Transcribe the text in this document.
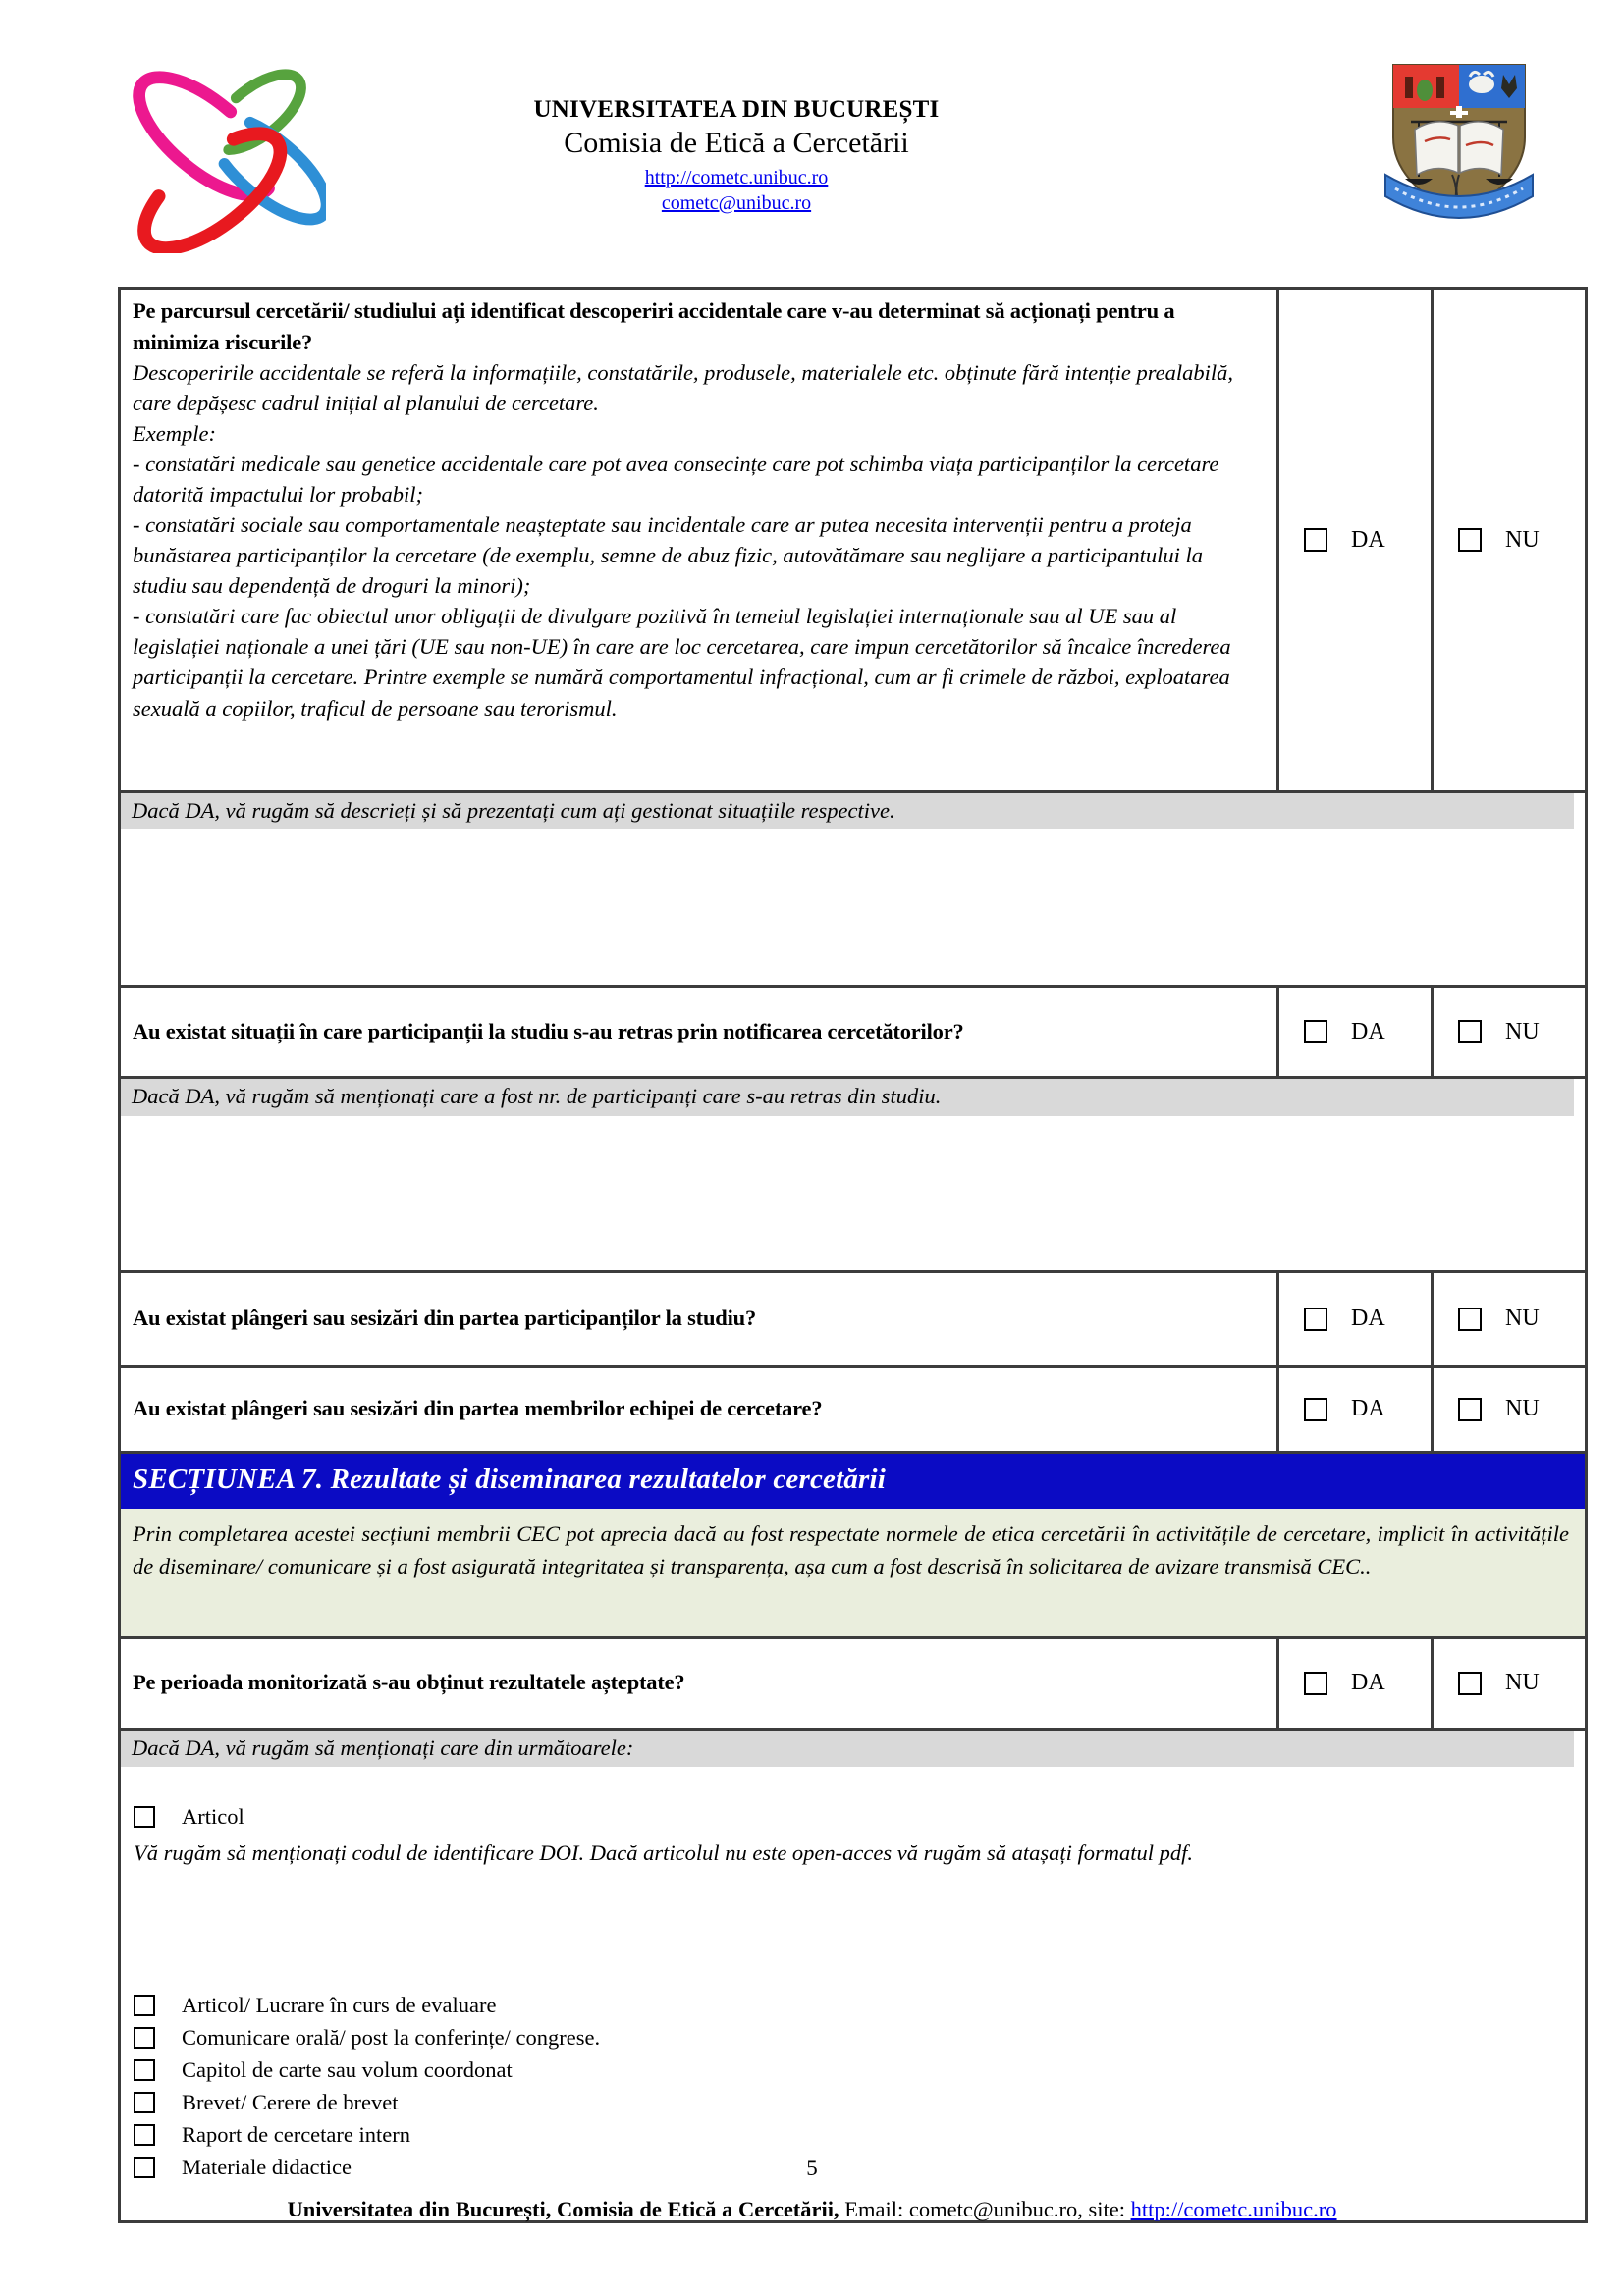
UNIVERSITATEA DIN BUCUREȘTI
Comisia de Etică a Cercetării
http://cometc.unibuc.ro
cometc@unibuc.ro
Pe parcursul cercetării/ studiului ați identificat descoperiri accidentale care v-au determinat să acționați pentru a minimiza riscurile?
Descoperirile accidentale se referă la informațiile, constatările, produsele, materialele etc. obținute fără intenție prealabilă, care depășesc cadrul inițial al planului de cercetare.
Exemple:
- constatări medicale sau genetice accidentale care pot avea consecințe care pot schimba viața participanților la cercetare datorită impactului lor probabil;
- constatări sociale sau comportamentale neașteptate sau incidentale care ar putea necesita intervenții pentru a proteja bunăstarea participanților la cercetare (de exemplu, semne de abuz fizic, autovătămare sau neglijare a participantului la studiu sau dependență de droguri la minori);
- constatări care fac obiectul unor obligații de divulgare pozitivă în temeiul legislației internaționale sau al UE sau al legislației naționale a unei țări (UE sau non-UE) în care are loc cercetarea, care impun cercetătorilor să încalce încrederea
participanții la cercetare. Printre exemple se numără comportamentul infracțional, cum ar fi crimele de război, exploatarea sexuală a copiilor, traficul de persoane sau terorismul.

DA	NU

Dacă DA, vă rugăm să descrieți și să prezentați cum ați gestionat situațiile respective.		

Au existat situații în care participanții la studiu s-au retras prin notificarea cercetătorilor?	DA	NU

Dacă DA, vă rugăm să menționați care a fost nr. de participanți care s-au retras din studiu.		

Au existat plângeri sau sesizări din partea participanților la studiu?	DA	NU

Au existat plângeri sau sesizări din partea membrilor echipei de cercetare?	DA	NU

SECȚIUNEA 7. Rezultate și diseminarea rezultatelor cercetării		

Prin completarea acestei secțiuni membrii CEC pot aprecia dacă au fost respectate normele de etica cercetării în activitățile de cercetare, implicit în activitățile de diseminare/ comunicare și a fost asigurată integritatea și transparența, așa cum a fost descrisă în solicitarea de avizare transmisă CEC..		

Pe perioada monitorizată s-au obținut rezultatele așteptate?	DA	NU

Dacă DA, vă rugăm să menționați care din următoarele:		

Articol
Vă rugăm să menționați codul de identificare DOI. Dacă articolul nu este open-acces vă rugăm să atașați formatul pdf.
Articol/ Lucrare în curs de evaluare
Comunicare orală/ post la conferințe/ congrese.
Capitol de carte sau volum coordonat
Brevet/ Cerere de brevet
Raport de cercetare intern
Materiale didactice	5
Universitatea din București, Comisia de Etică a Cercetării, Email: cometc@unibuc.ro, site: http://cometc.unibuc.ro
